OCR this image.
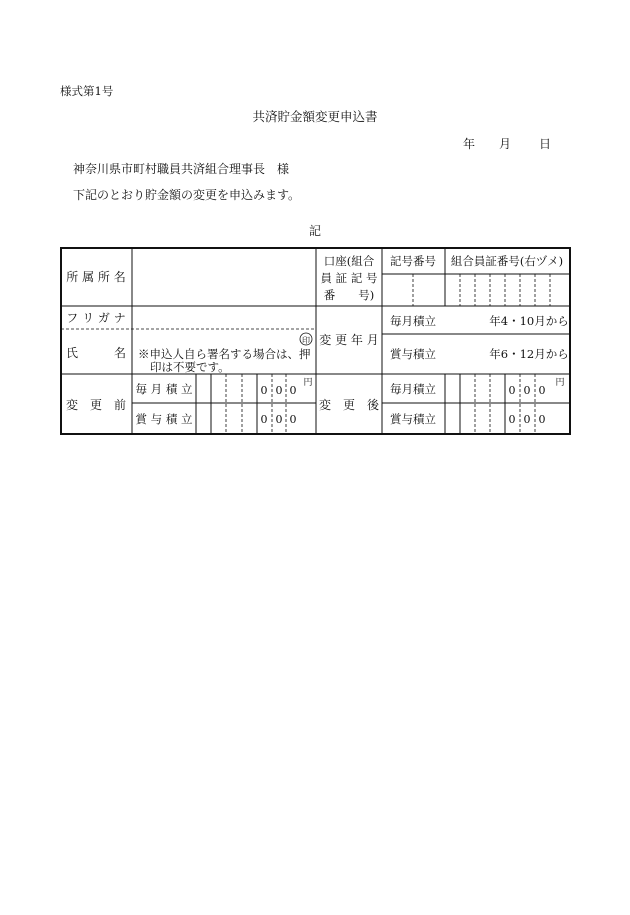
様式第1号
共済貯金額変更申込書
年 月 日
神奈川県市町村職員共済組合理事長　様
下記のとおり貯金額の変更を申込みます。
記
所 属 所 名
口座(組合
員 証 記 号
番　　号)
記号番号 組合員証番号(右ヅメ)
フ リ ガ ナ
氏　　　名
印
※申込人自ら署名する場合は、押
印は不要です。
変 更 年 月
毎月積立
賞与積立
年4・10月から
年6・12月から
変　更　前
毎 月 積 立
賞 与 積 立
変　更　後
毎月積立
賞与積立
0 0 0
円
0 0 0
0 0 0
円
0 0 0
